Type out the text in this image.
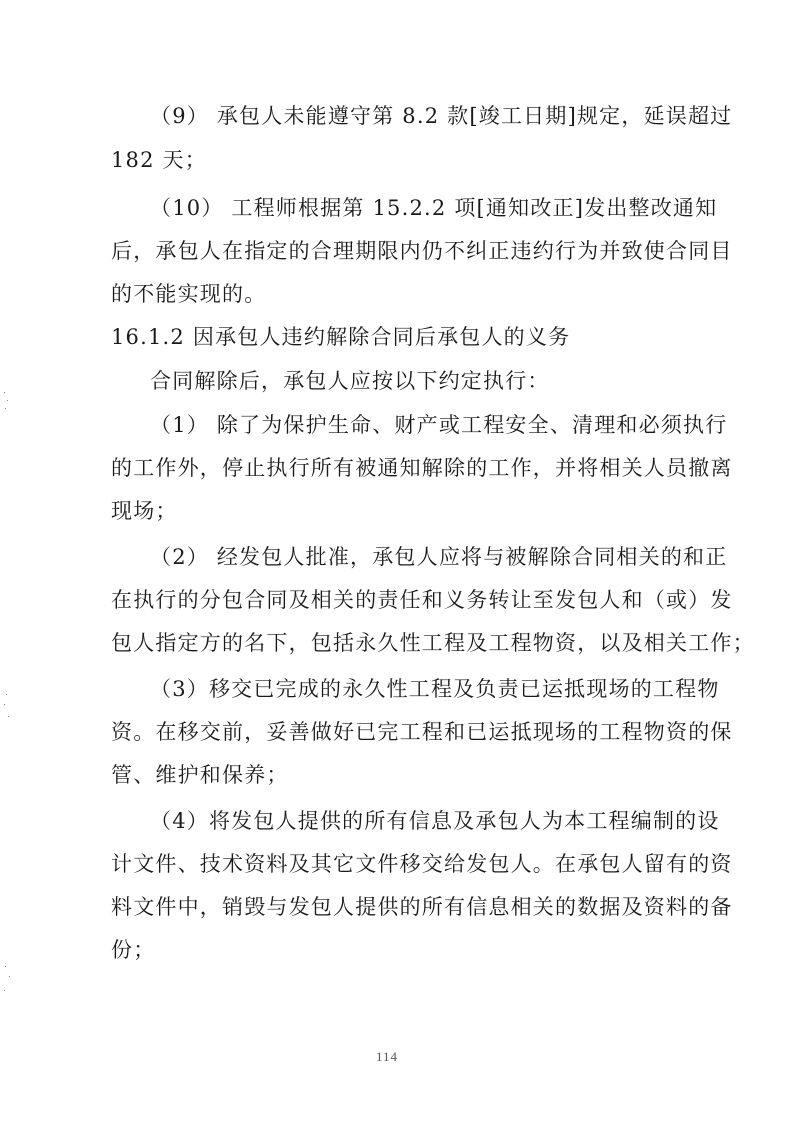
（9） 承包人未能遵守第 8.2 款[竣工日期]规定，延误超过
182 天；
（10） 工程师根据第 15.2.2 项[通知改正]发出整改通知
后，承包人在指定的合理期限内仍不纠正违约行为并致使合同目
的不能实现的。
16.1.2 因承包人违约解除合同后承包人的义务
合同解除后，承包人应按以下约定执行：
（1） 除了为保护生命、财产或工程安全、清理和必须执行
的工作外，停止执行所有被通知解除的工作，并将相关人员撤离
现场；
（2） 经发包人批准，承包人应将与被解除合同相关的和正
在执行的分包合同及相关的责任和义务转让至发包人和（或）发
包人指定方的名下，包括永久性工程及工程物资，以及相关工作；
（3）移交已完成的永久性工程及负责已运抵现场的工程物
资。在移交前，妥善做好已完工程和已运抵现场的工程物资的保
管、维护和保养；
（4）将发包人提供的所有信息及承包人为本工程编制的设
计文件、技术资料及其它文件移交给发包人。在承包人留有的资
料文件中，销毁与发包人提供的所有信息相关的数据及资料的备
份；
114
